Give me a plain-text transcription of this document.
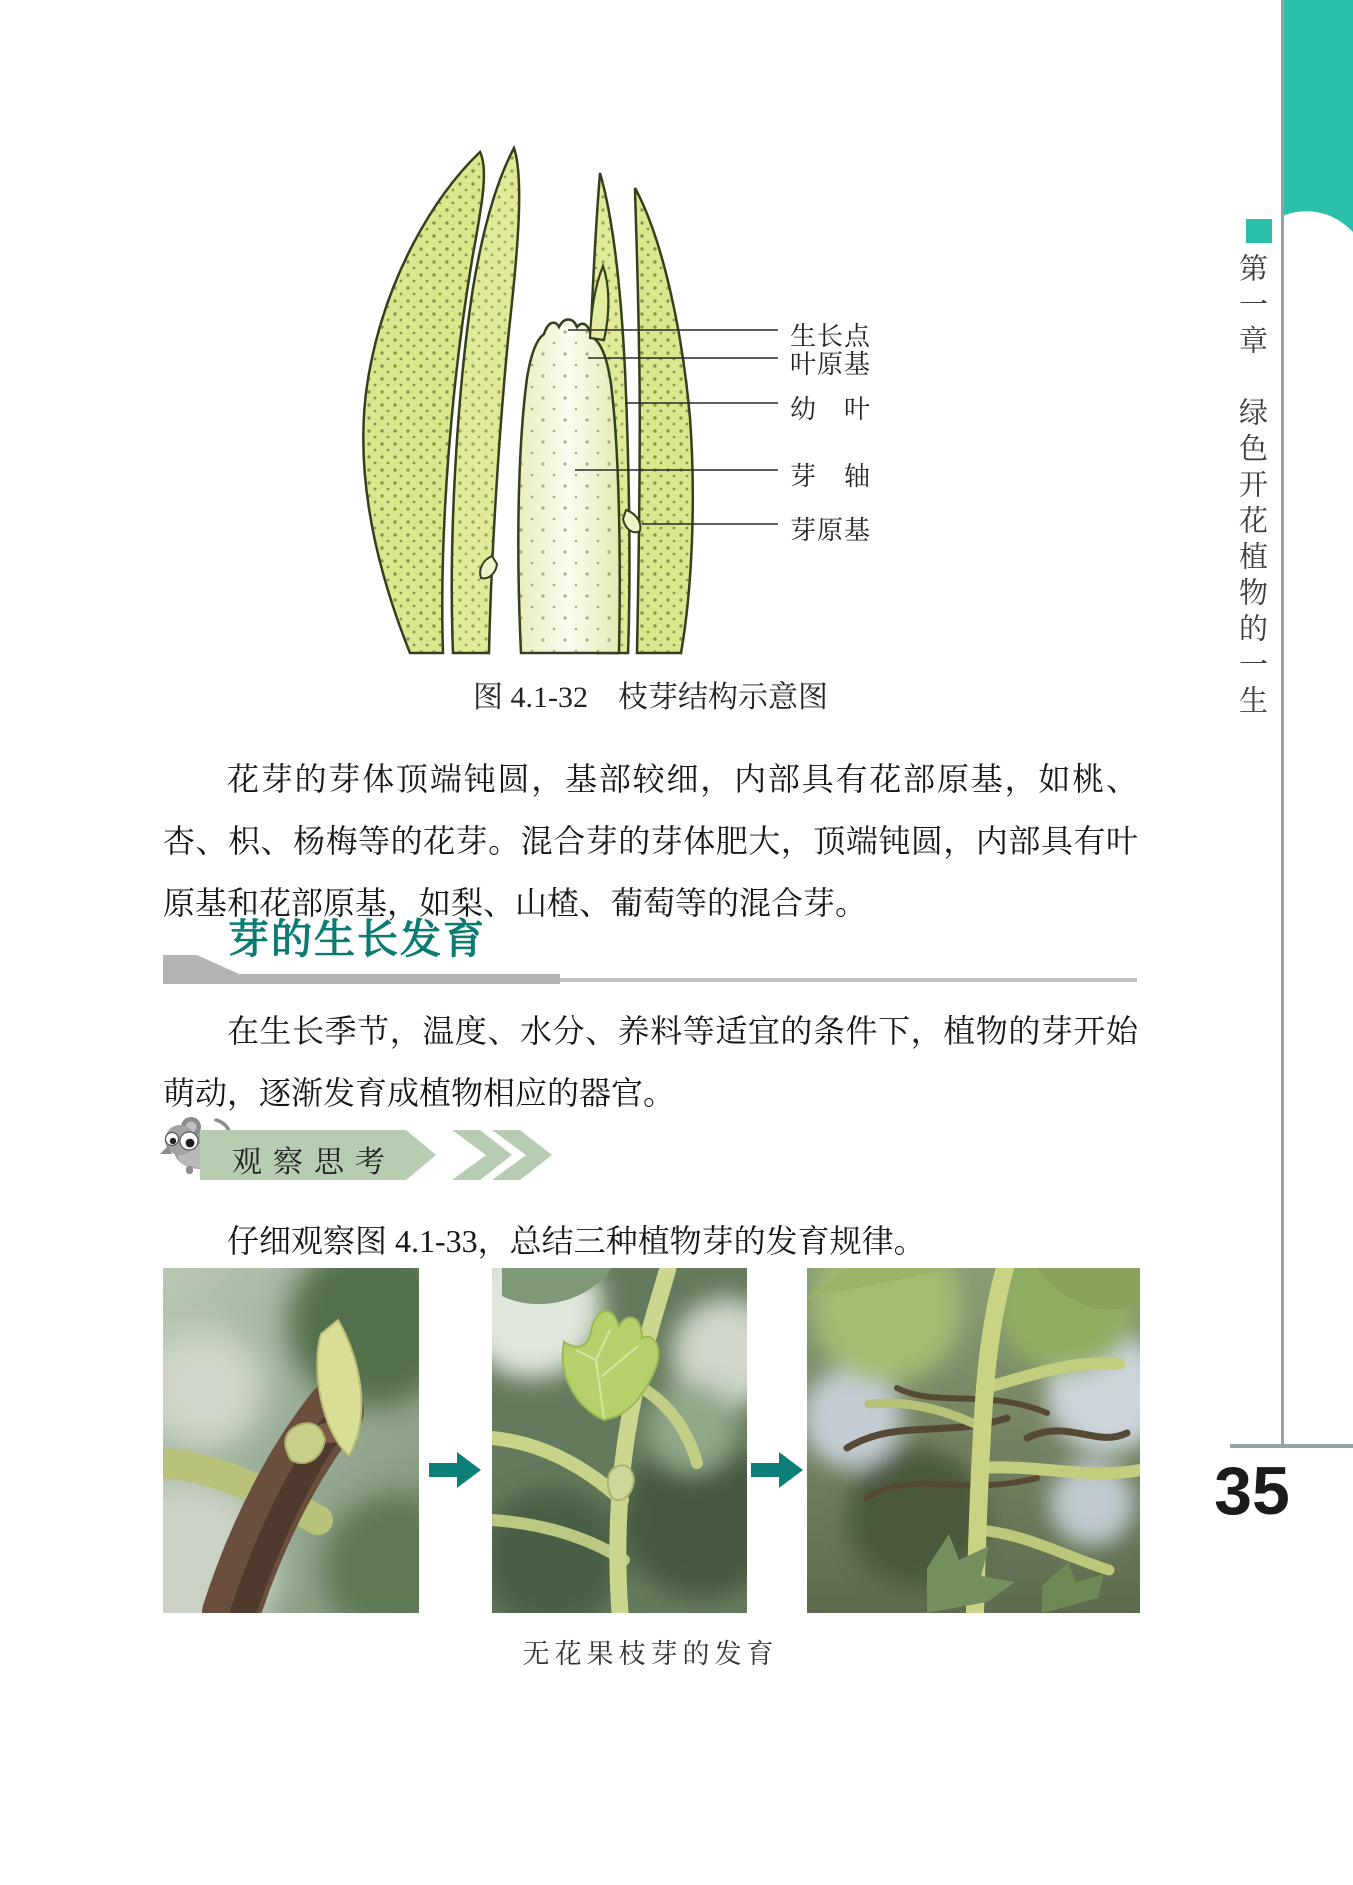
生长点
叶原基
幼　叶
芽　轴
芽原基
图 4.1-32　枝芽结构示意图
花芽的芽体顶端钝圆，基部较细，内部具有花部原基，如桃、杏、枳、杨梅等的花芽。混合芽的芽体肥大，顶端钝圆，内部具有叶原基和花部原基，如梨、山楂、葡萄等的混合芽。
芽的生长发育
在生长季节，温度、水分、养料等适宜的条件下，植物的芽开始萌动，逐渐发育成植物相应的器官。
观察思考
仔细观察图 4.1-33，总结三种植物芽的发育规律。
无花果枝芽的发育
第一章　绿色开花植物的一生
35
